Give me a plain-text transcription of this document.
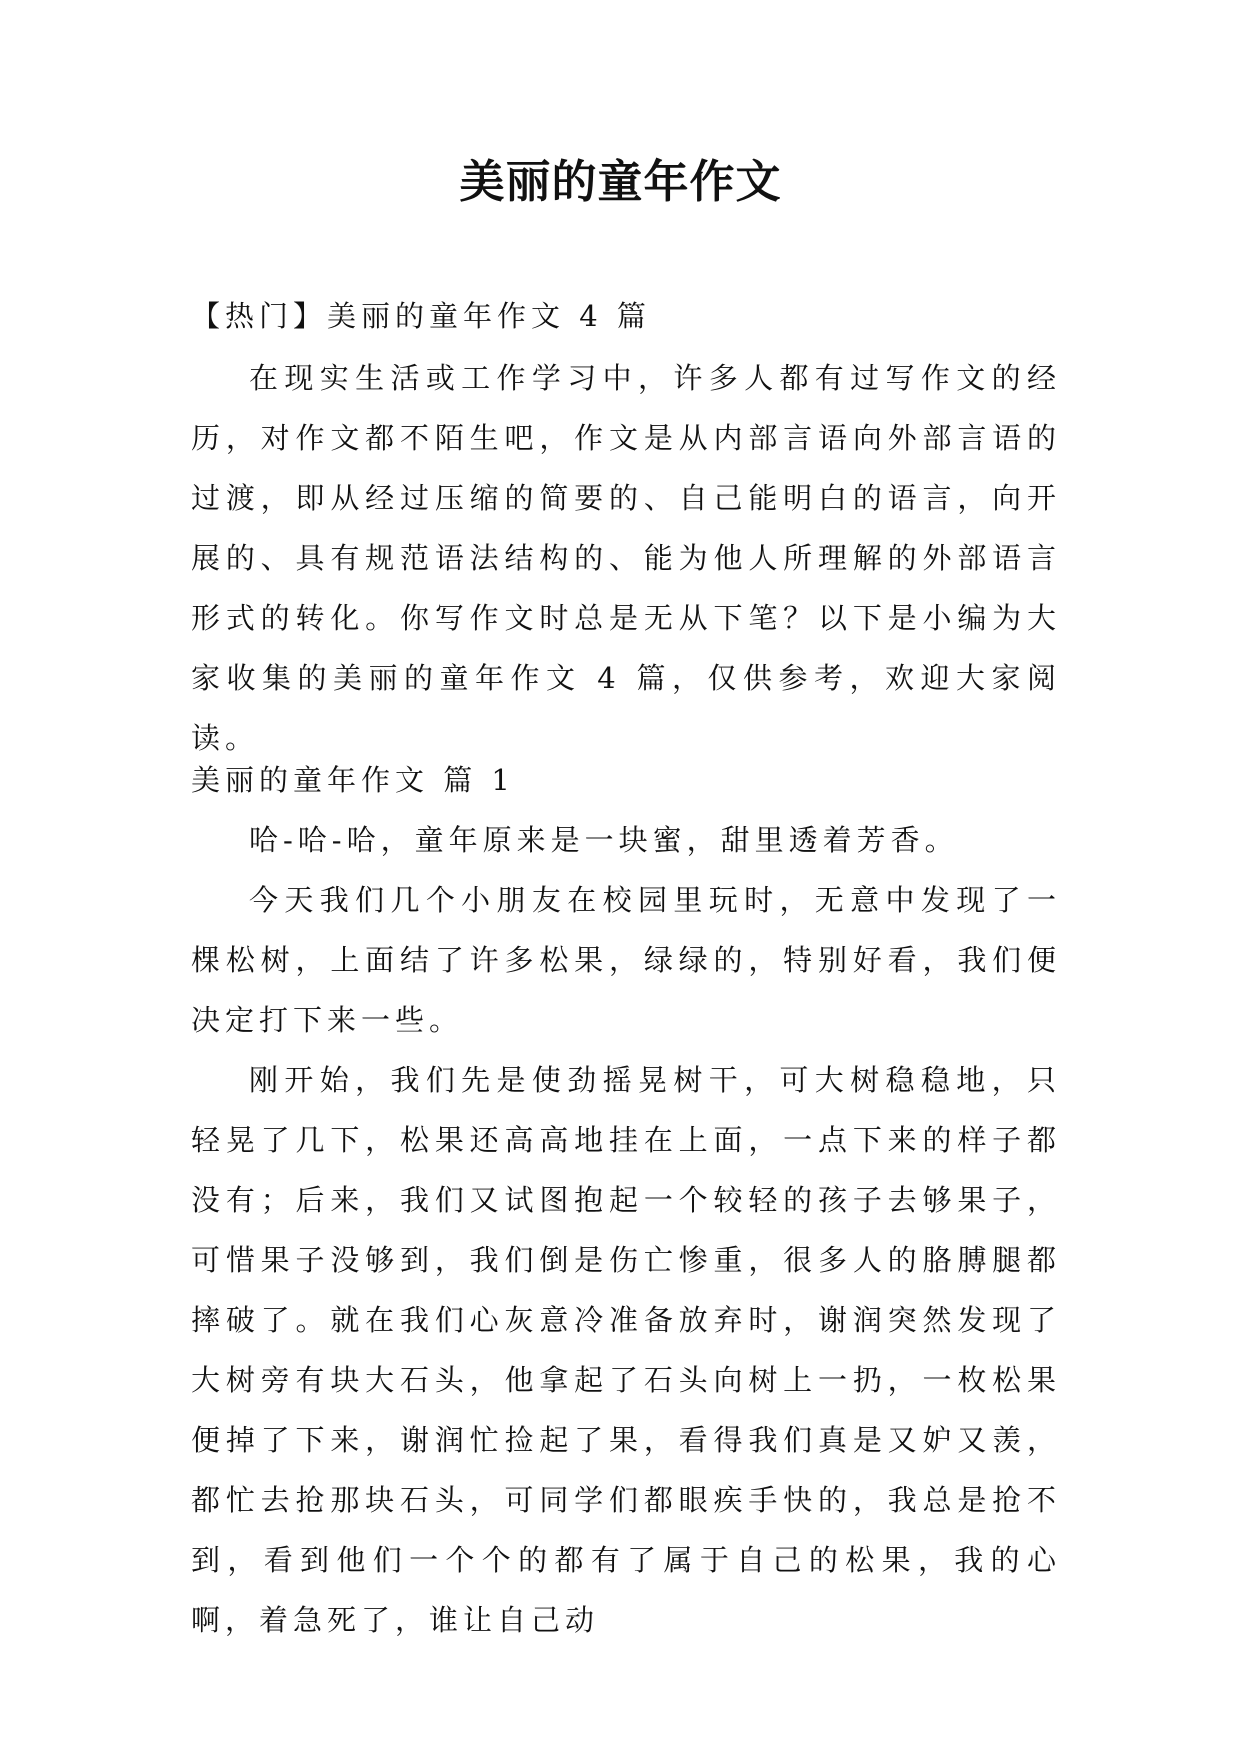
美丽的童年作文

【热门】美丽的童年作文 4 篇

在现实生活或工作学习中，许多人都有过写作文的经历，对作文都不陌生吧，作文是从内部言语向外部言语的过渡，即从经过压缩的简要的、自己能明白的语言，向开展的、具有规范语法结构的、能为他人所理解的外部语言形式的转化。你写作文时总是无从下笔？以下是小编为大家收集的美丽的童年作文 4 篇，仅供参考，欢迎大家阅读。

美丽的童年作文 篇 1

哈-哈-哈，童年原来是一块蜜，甜里透着芳香。

今天我们几个小朋友在校园里玩时，无意中发现了一棵松树，上面结了许多松果，绿绿的，特别好看，我们便决定打下来一些。

刚开始，我们先是使劲摇晃树干，可大树稳稳地，只轻晃了几下，松果还高高地挂在上面，一点下来的样子都没有；后来，我们又试图抱起一个较轻的孩子去够果子，可惜果子没够到，我们倒是伤亡惨重，很多人的胳膊腿都摔破了。就在我们心灰意冷准备放弃时，谢润突然发现了大树旁有块大石头，他拿起了石头向树上一扔，一枚松果便掉了下来，谢润忙捡起了果，看得我们真是又妒又羡，都忙去抢那块石头，可同学们都眼疾手快的，我总是抢不到，看到他们一个个的都有了属于自己的松果，我的心啊，着急死了，谁让自己动
